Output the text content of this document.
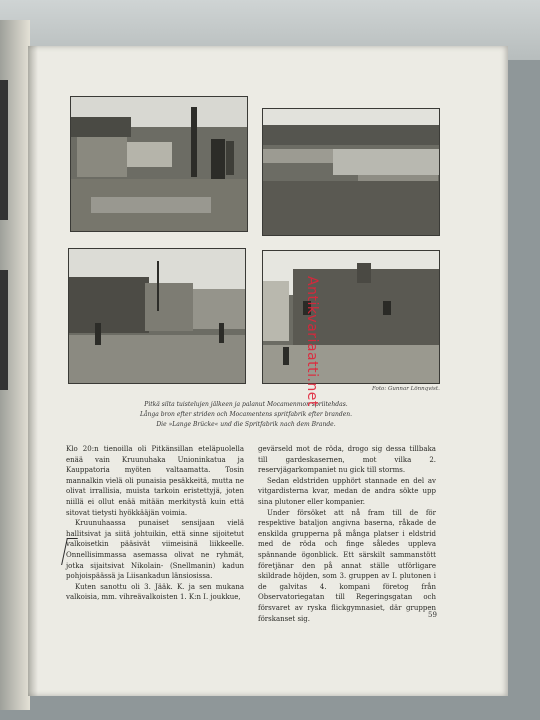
Pitkä silta tuistelujen jälkeen ja palanut Mocamenmon spriitehdas.
Långa bron efter striden och Mocamentens spritfabrik efter branden.
Die »Lange Brücke« und die Spritfabrik nach dem Brande.
Foto: Gunnar Lönnqvist.
Antikvariaatti.net

Klo 20:n tienoilla oli Pitkänsillan eteläpuolella enää vain Kruunuhaka Unioninkatua ja Kauppatoria myöten valtaamatta. Tosin mannalkin vielä oli punaisia pesäkkeitä, mutta ne olivat irrallisia, muista tarkoin eristettyjä, joten niillä ei ollut enää mitään merkitystä kuin että sitovat tietysti hyökkääjän voimia.

Kruunuhaassa punaiset sensijaan vielä hallitsivat ja siitä johtuikin, että sinne sijoitetut valkoisetkin pääsivät viimeisinä liikkeelle. Onnellisimmassa asemassa olivat ne ryhmät, jotka sijaitsivat Nikolain- (Snellmanin) kadun pohjoispäässä ja Liisankadun länsiosissa.

Kuten sanottu oli 3. Jääk. K. ja sen mukana valkoisia, mm. vihreävalkoisten 1. K:n I. joukkue,

gevärseld mot de röda, drogo sig dessa tillbaka till gardeskasernen, mot vilka 2. reservjägarkompaniet nu gick till storms.

Sedan eldstriden upphört stannade en del av vitgardisterna kvar, medan de andra sökte upp sina plutoner eller kompanier.

Under försöket att nå fram till de för respektive bataljon angivna baserna, råkade de enskilda grupperna på många platser i eldstrid med de röda och finge således uppleva spännande ögonblick. Ett särskilt sammanstött företjänar den på annat ställe utförligare skildrade höjden, som 3. gruppen av I. plutonen i de galvitas 4. kompani företog från Observatoriegatan till Regeringsgatan och försvaret av ryska flickgymnasiet, där gruppen förskanset sig.	59
